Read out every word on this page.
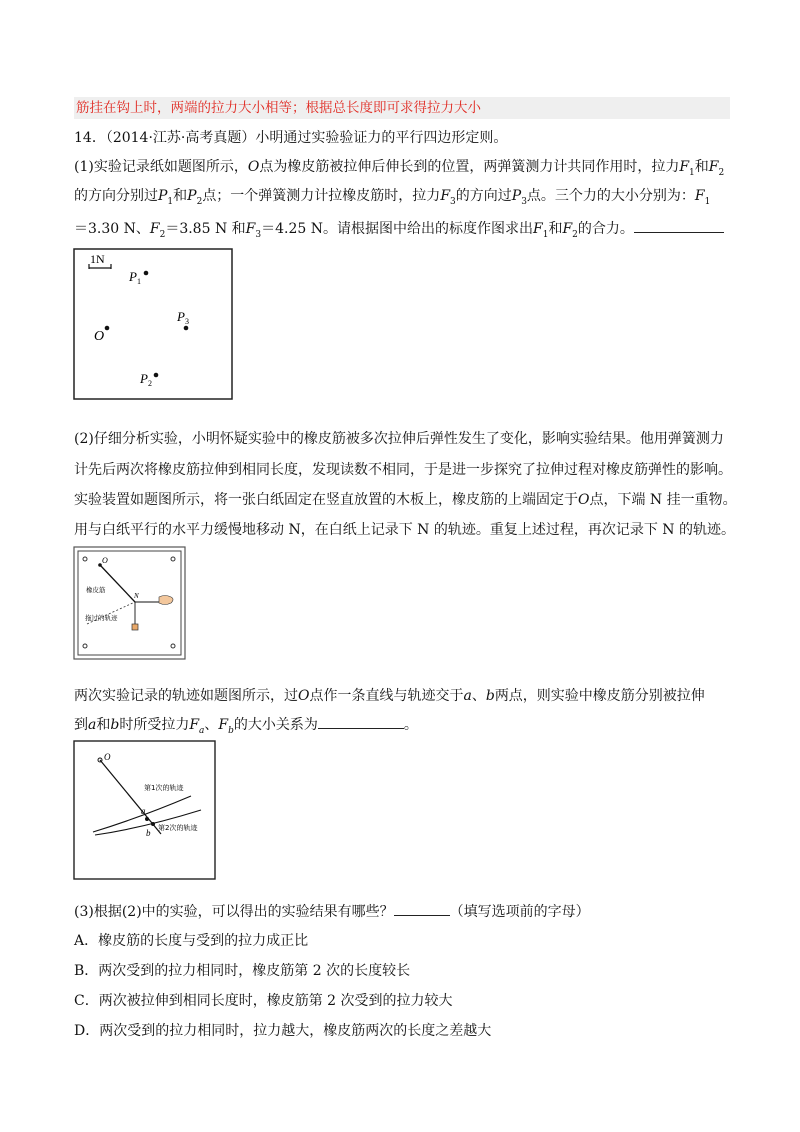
筋挂在钩上时，两端的拉力大小相等；根据总长度即可求得拉力大小
14．（2014·江苏·高考真题）小明通过实验验证力的平行四边形定则。
(1)实验记录纸如题图所示，O点为橡皮筋被拉伸后伸长到的位置，两弹簧测力计共同作用时，拉力$F_1$和$F_2$
的方向分别过$P_1$和$P_2$点；一个弹簧测力计拉橡皮筋时，拉力$F_3$的方向过$P_3$点。三个力的大小分别为：$F_1$
＝3.30 N、$F_2=3.85$ N 和$F_3=4.25$ N。请根据图中给出的标度作图求出$F_1$和$F_2$的合力。
1N
P 1
P 3
O
P 2
(2)仔细分析实验，小明怀疑实验中的橡皮筋被多次拉伸后弹性发生了变化，影响实验结果。他用弹簧测力
计先后两次将橡皮筋拉伸到相同长度，发现读数不相同，于是进一步探究了拉伸过程对橡皮筋弹性的影响。
实验装置如题图所示，将一张白纸固定在竖直放置的木板上，橡皮筋的上端固定于O点，下端 N 挂一重物。
用与白纸平行的水平力缓慢地移动 N，在白纸上记录下 N 的轨迹。重复上述过程，再次记录下 N 的轨迹。
O
N
橡皮筋
拖过的轨迹
两次实验记录的轨迹如题图所示，过O点作一条直线与轨迹交于a、b两点，则实验中橡皮筋分别被拉伸
到a和b时所受拉力$F_a$、$F_b$的大小关系为	。
O
a
b
第1次的轨迹
第2次的轨迹
(3)根据(2)中的实验，可以得出的实验结果有哪些？	（填写选项前的字母）
A．橡皮筋的长度与受到的拉力成正比
B．两次受到的拉力相同时，橡皮筋第 2 次的长度较长
C．两次被拉伸到相同长度时，橡皮筋第 2 次受到的拉力较大
D．两次受到的拉力相同时，拉力越大，橡皮筋两次的长度之差越大
